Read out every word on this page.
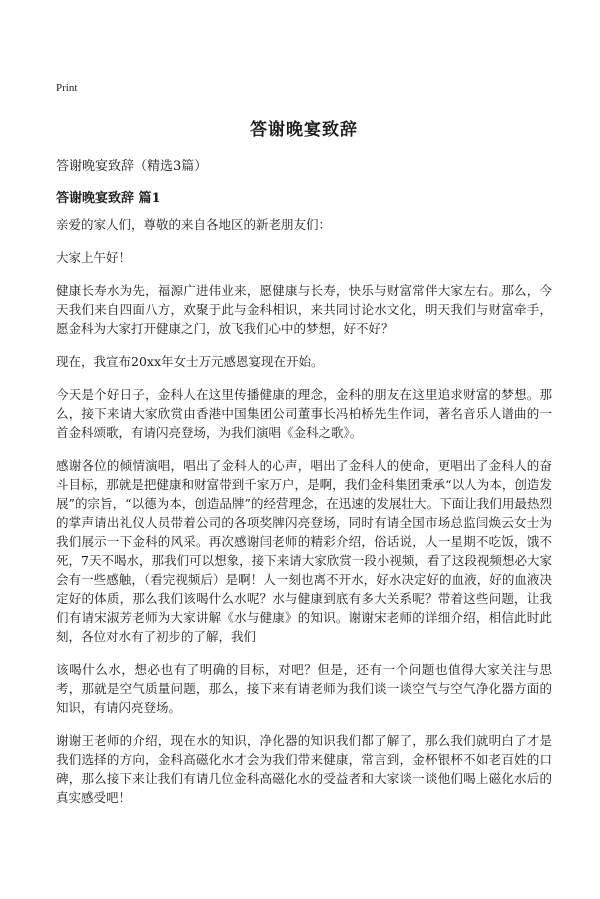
Print
答谢晚宴致辞

答谢晚宴致辞（精选3篇）

答谢晚宴致辞 篇1

亲爱的家人们，尊敬的来自各地区的新老朋友们：

大家上午好！

健康长寿水为先，福源广进伟业来，愿健康与长寿，快乐与财富常伴大家左右。那么，今天我们来自四面八方，欢聚于此与金科相识，来共同讨论水文化，明天我们与财富牵手，愿金科为大家打开健康之门，放飞我们心中的梦想，好不好？

现在，我宣布20xx年女士万元感恩宴现在开始。

今天是个好日子，金科人在这里传播健康的理念，金科的朋友在这里追求财富的梦想。那么，接下来请大家欣赏由香港中国集团公司董事长冯柏桥先生作词，著名音乐人谱曲的一首金科颂歌，有请闪亮登场，为我们演唱《金科之歌》。

感谢各位的倾情演唱，唱出了金科人的心声，唱出了金科人的使命，更唱出了金科人的奋斗目标，那就是把健康和财富带到千家万户，是啊，我们金科集团秉承“以人为本，创造发展”的宗旨，“以德为本，创造品牌”的经营理念，在迅速的发展壮大。下面让我们用最热烈的掌声请出礼仪人员带着公司的各项奖牌闪亮登场，同时有请全国市场总监闫焕云女士为我们展示一下金科的风采。再次感谢闫老师的精彩介绍，俗话说，人一星期不吃饭，饿不死，7天不喝水，那我们可以想象，接下来请大家欣赏一段小视频，看了这段视频想必大家会有一些感触，（看完视频后）是啊！人一刻也离不开水，好水决定好的血液，好的血液决定好的体质，那么我们该喝什么水呢？水与健康到底有多大关系呢？带着这些问题，让我们有请宋淑芳老师为大家讲解《水与健康》的知识。谢谢宋老师的详细介绍，相信此时此刻，各位对水有了初步的了解，我们

该喝什么水，想必也有了明确的目标，对吧？但是，还有一个问题也值得大家关注与思考，那就是空气质量问题，那么，接下来有请老师为我们谈一谈空气与空气净化器方面的知识，有请闪亮登场。

谢谢王老师的介绍，现在水的知识，净化器的知识我们都了解了，那么我们就明白了才是我们选择的方向，金科高磁化水才会为我们带来健康，常言到，金杯银杯不如老百姓的口碑，那么接下来让我们有请几位金科高磁化水的受益者和大家谈一谈他们喝上磁化水后的真实感受吧！
